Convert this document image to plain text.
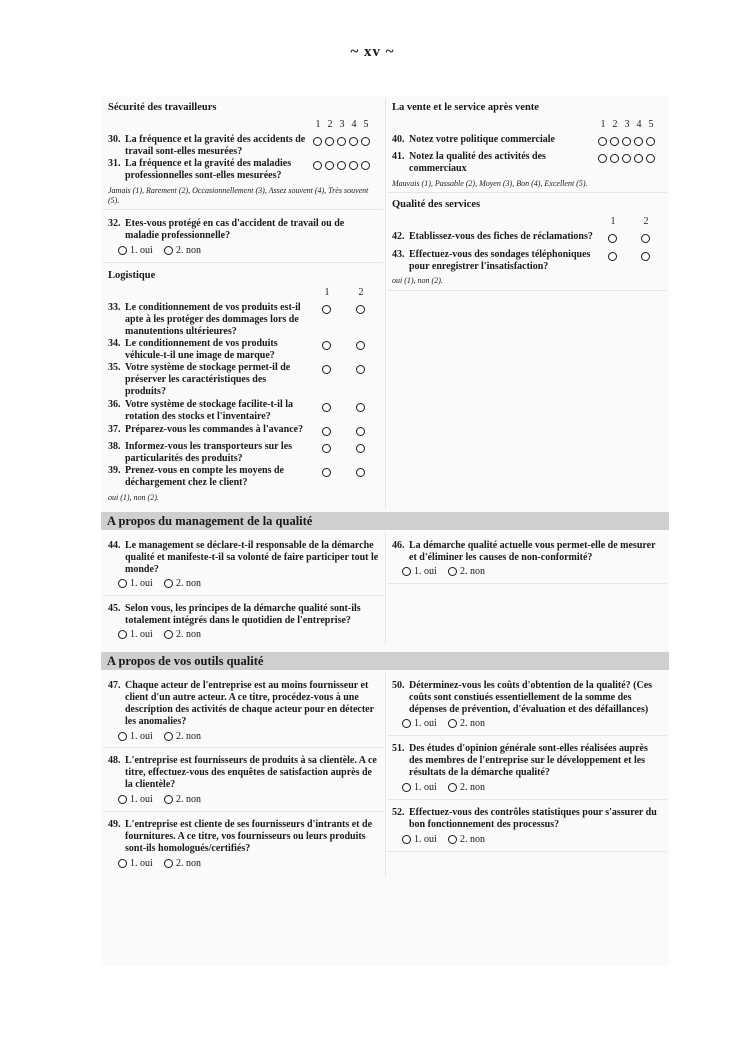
~ xv ~
Sécurité des travailleurs
1 2 3 4 5
30. La fréquence et la gravité des accidents de travail sont-elles mesurées?
31. La fréquence et la gravité des maladies professionnelles sont-elles mesurées?
Jamais (1), Rarement (2), Occasionnellement (3), Assez souvent (4), Très souvent (5).
32. Etes-vous protégé en cas d'accident de travail ou de maladie professionnelle?
1. oui 2. non
Logistique
1	2
33. Le conditionnement de vos produits est-il apte à les protéger des dommages lors de manutentions ultérieures?
34. Le conditionnement de vos produits véhicule-t-il une image de marque?
35. Votre système de stockage permet-il de préserver les caractéristiques des produits?
36. Votre système de stockage facilite-t-il la rotation des stocks et l'inventaire?
37. Préparez-vous les commandes à l'avance?
38. Informez-vous les transporteurs sur les particularités des produits?
39. Prenez-vous en compte les moyens de déchargement chez le client?
oui (1), non (2).
La vente et le service après vente
1 2 3 4 5
40. Notez votre politique commerciale
41. Notez la qualité des activités des commerciaux
Mauvais (1), Passable (2), Moyen (3), Bon (4), Excellent (5).
Qualité des services
1	2
42. Etablissez-vous des fiches de réclamations?
43. Effectuez-vous des sondages téléphoniques pour enregistrer l'insatisfaction?
oui (1), non (2).
A propos du management de la qualité
44. Le management se déclare-t-il responsable de la démarche qualité et manifeste-t-il sa volonté de faire participer tout le monde?
1. oui 2. non
45. Selon vous, les principes de la démarche qualité sont-ils totalement intégrés dans le quotidien de l'entreprise?
1. oui 2. non
46. La démarche qualité actuelle vous permet-elle de mesurer et d'éliminer les causes de non-conformité?
1. oui 2. non
A propos de vos outils qualité
47. Chaque acteur de l'entreprise est au moins fournisseur et client d'un autre acteur. A ce titre, procédez-vous à une description des activités de chaque acteur pour en détecter les anomalies?
1. oui 2. non
48. L'entreprise est fournisseurs de produits à sa clientèle. A ce titre, effectuez-vous des enquêtes de satisfaction auprès de la clientèle?
1. oui 2. non
49. L'entreprise est cliente de ses fournisseurs d'intrants et de fournitures. A ce titre, vos fournisseurs ou leurs produits sont-ils homologués/certifiés?
1. oui 2. non
50. Déterminez-vous les coûts d'obtention de la qualité? (Ces coûts sont constiués essentiellement de la somme des dépenses de prévention, d'évaluation et des défaillances)
1. oui 2. non
51. Des études d'opinion générale sont-elles réalisées auprès des membres de l'entreprise sur le développement et les résultats de la démarche qualité?
1. oui 2. non
52. Effectuez-vous des contrôles statistiques pour s'assurer du bon fonctionnement des processus?
1. oui 2. non
